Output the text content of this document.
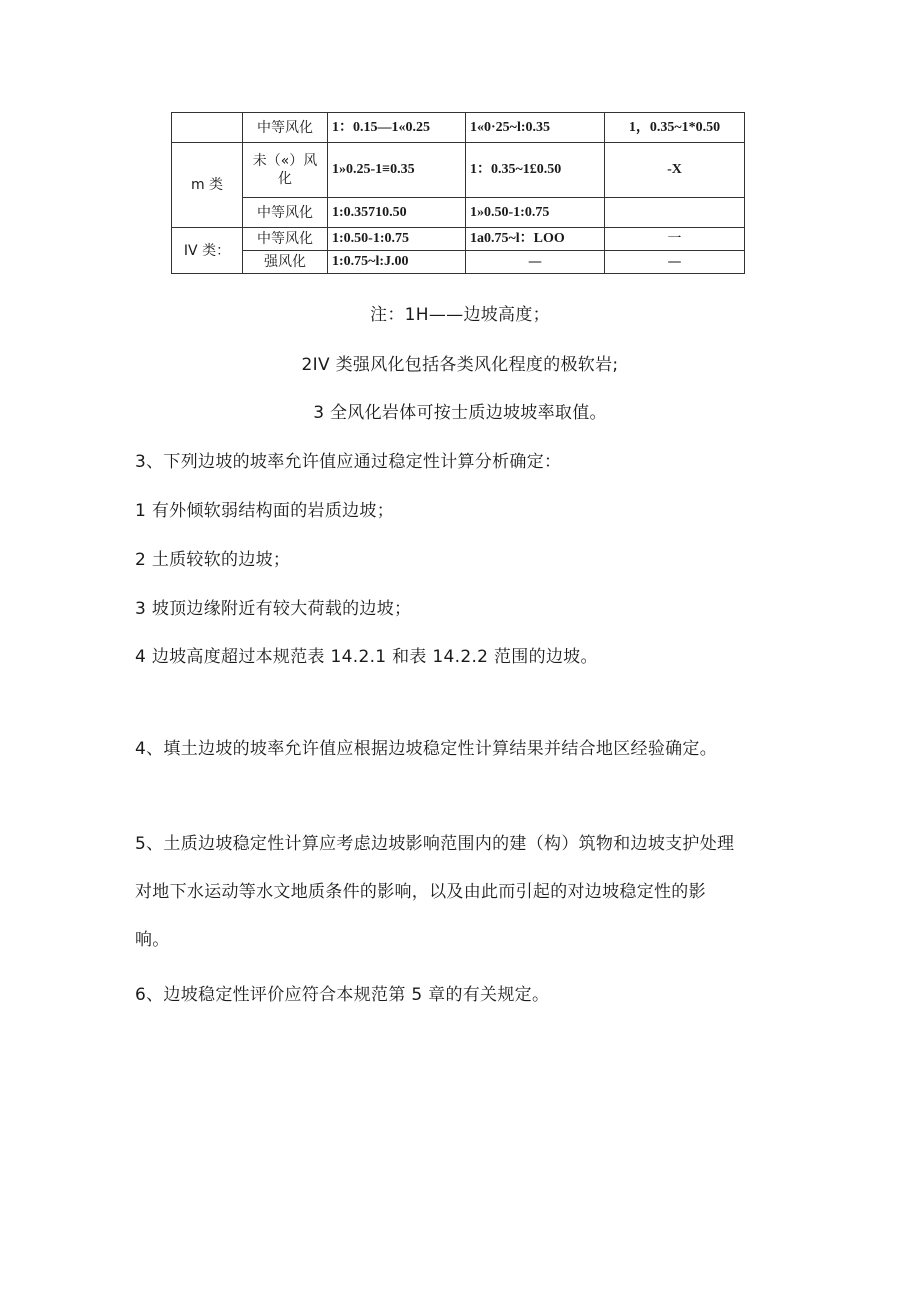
	中等风化	1：0.15—1«0.25	1«0·25~l:0.35	1，0.35~1*0.50
m 类	未（«）风化	1»0.25-1≡0.35	1：0.35~1£0.50	-X
	中等风化	1:0.35710.50	1»0.50-1:0.75	
IV 类：	中等风化	1:0.50-1:0.75	1a0.75~l：LOO	一
	强风化	1:0.75~l:J.00	—	—
注：1H——边坡高度；
2IV 类强风化包括各类风化程度的极软岩;
3 全风化岩体可按士质边坡坡率取值。
3、下列边坡的坡率允许值应通过稳定性计算分析确定：
1 有外倾软弱结构面的岩质边坡；
2 土质较软的边坡；
3 坡顶边缘附近有较大荷载的边坡；
4 边坡高度超过本规范表 14.2.1 和表 14.2.2 范围的边坡。
4、填土边坡的坡率允许值应根据边坡稳定性计算结果并结合地区经验确定。
5、土质边坡稳定性计算应考虑边坡影响范围内的建（构）筑物和边坡支护处理
对地下水运动等水文地质条件的影响，以及由此而引起的对边坡稳定性的影
响。
6、边坡稳定性评价应符合本规范第 5 章的有关规定。
